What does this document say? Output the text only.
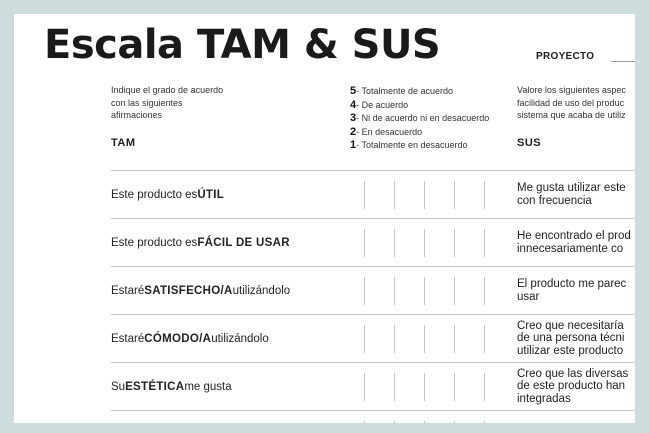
Escala TAM & SUS	PROYECTO
Indique el grado de acuerdo
con las siguientes
afirmaciones
5- Totalmente de acuerdo
4- De acuerdo
3- Ni de acuerdo ni en desacuerdo
2- En desacuerdo
1- Totalmente en desacuerdo
Valore los siguientes aspec
facilidad de uso del produc
sistema que acaba de utiliz
TAM	SUS
Este producto es ÚTIL
Me gusta utilizar este
con frecuencia
Este producto es FÁCIL DE USAR
He encontrado el prod
innecesariamente co
Estaré SATISFECHO/A utilizándolo
El producto me parec
usar
Estaré CÓMODO/A utilizándolo
Creo que necesitaría
de una persona técni
utilizar este producto
Su ESTÉTICA me gusta
Creo que las diversas
de este producto han
integradas
